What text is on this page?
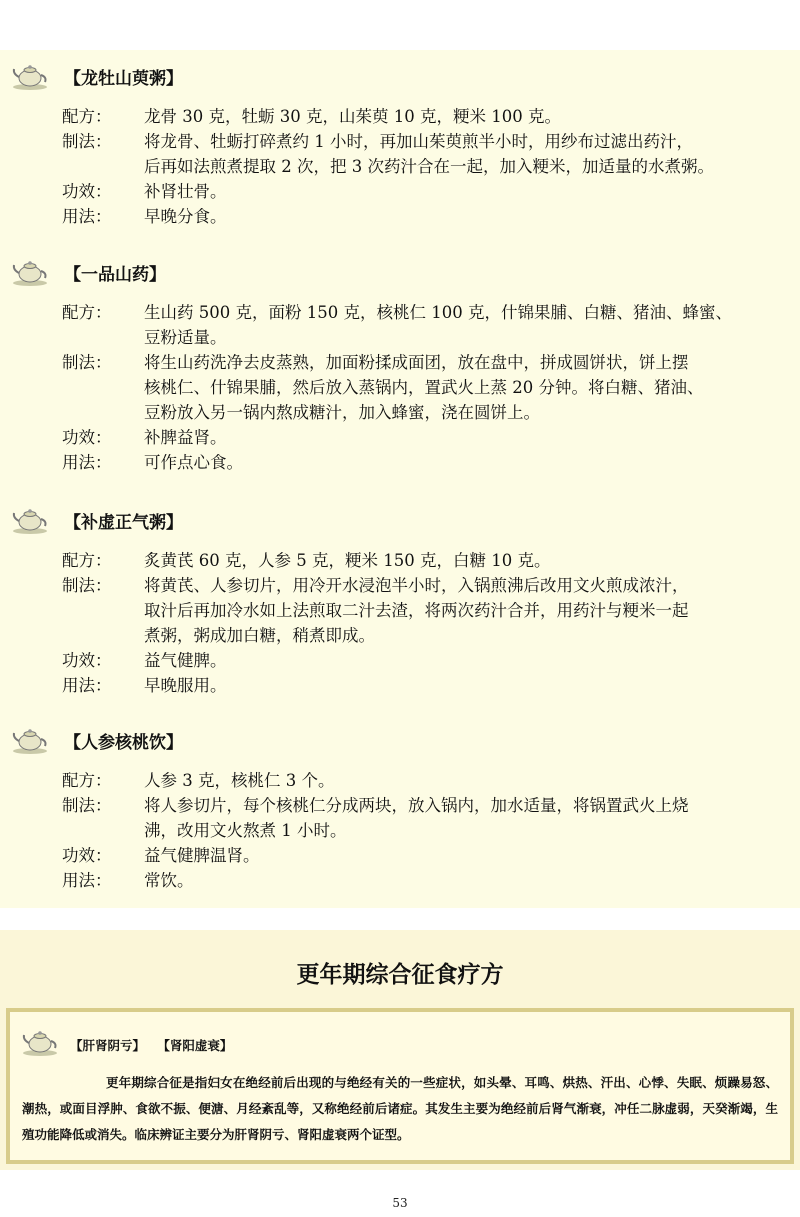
【龙牡山萸粥】
配方： 龙骨 30 克，牡蛎 30 克，山茱萸 10 克，粳米 100 克。
制法： 将龙骨、牡蛎打碎煮约 1 小时，再加山茱萸煎半小时，用纱布过滤出药汁，
后再如法煎煮提取 2 次，把 3 次药汁合在一起，加入粳米，加适量的水煮粥。
功效： 补肾壮骨。
用法： 早晚分食。
【一品山药】
配方： 生山药 500 克，面粉 150 克，核桃仁 100 克，什锦果脯、白糖、猪油、蜂蜜、
豆粉适量。
制法： 将生山药洗净去皮蒸熟，加面粉揉成面团，放在盘中，拼成圆饼状，饼上摆
核桃仁、什锦果脯，然后放入蒸锅内，置武火上蒸 20 分钟。将白糖、猪油、
豆粉放入另一锅内熬成糖汁，加入蜂蜜，浇在圆饼上。
功效： 补脾益肾。
用法： 可作点心食。
【补虚正气粥】
配方： 炙黄芪 60 克，人参 5 克，粳米 150 克，白糖 10 克。
制法： 将黄芪、人参切片，用冷开水浸泡半小时，入锅煎沸后改用文火煎成浓汁，
取汁后再加冷水如上法煎取二汁去渣，将两次药汁合并，用药汁与粳米一起
煮粥，粥成加白糖，稍煮即成。
功效： 益气健脾。
用法： 早晚服用。
【人参核桃饮】
配方： 人参 3 克，核桃仁 3 个。
制法： 将人参切片，每个核桃仁分成两块，放入锅内，加水适量，将锅置武火上烧
沸，改用文火熬煮 1 小时。
功效： 益气健脾温肾。
用法： 常饮。
更年期综合征食疗方
【肝肾阴亏】 【肾阳虚衰】
更年期综合征是指妇女在绝经前后出现的与绝经有关的一些症状，如头晕、耳鸣、烘热、汗出、心悸、失眠、烦躁易怒、潮热，或面目浮肿、食欲不振、便溏、月经紊乱等，又称绝经前后诸症。其发生主要为绝经前后肾气渐衰，冲任二脉虚弱，天癸渐竭，生殖功能降低或消失。临床辨证主要分为肝肾阴亏、肾阳虚衰两个证型。
53
